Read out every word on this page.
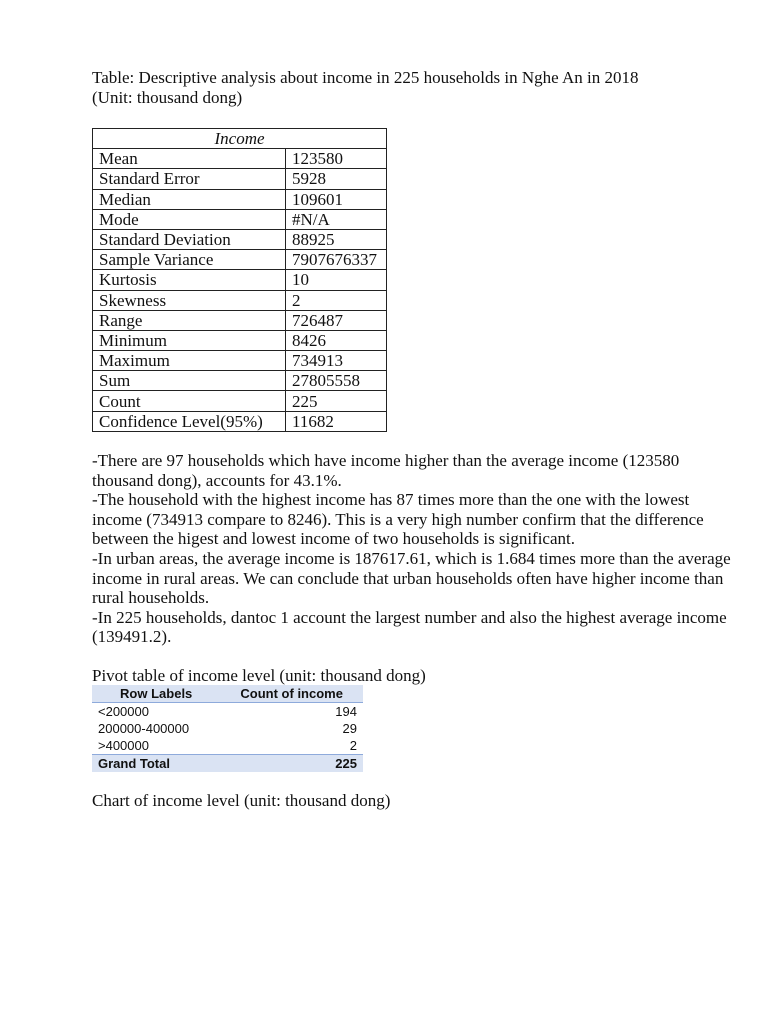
Table: Descriptive analysis about income in 225 households in Nghe An in 2018
(Unit: thousand dong)
Income	
Mean	123580
Standard Error	5928
Median	109601
Mode	#N/A
Standard Deviation	88925
Sample Variance	7907676337
Kurtosis	10
Skewness	2
Range	726487
Minimum	8426
Maximum	734913
Sum	27805558
Count	225
Confidence Level(95%)	11682
-There are 97 households which have income higher than the average income (123580 thousand dong), accounts for 43.1%.
-The household with the highest income has 87 times more than the one with the lowest income (734913 compare to 8246). This is a very high number confirm that the difference between the higest and lowest income of two households is significant.
-In urban areas, the average income is 187617.61, which is 1.684 times more than the average income in rural areas. We can conclude that urban households often have higher income than rural households.
-In 225 households, dantoc 1 account the largest number and also the highest average income (139491.2).
Pivot table of income level (unit: thousand dong)
Row Labels	Count of income
<200000	194
200000-400000	29
>400000	2
Grand Total	225
Chart of income level (unit: thousand dong)
